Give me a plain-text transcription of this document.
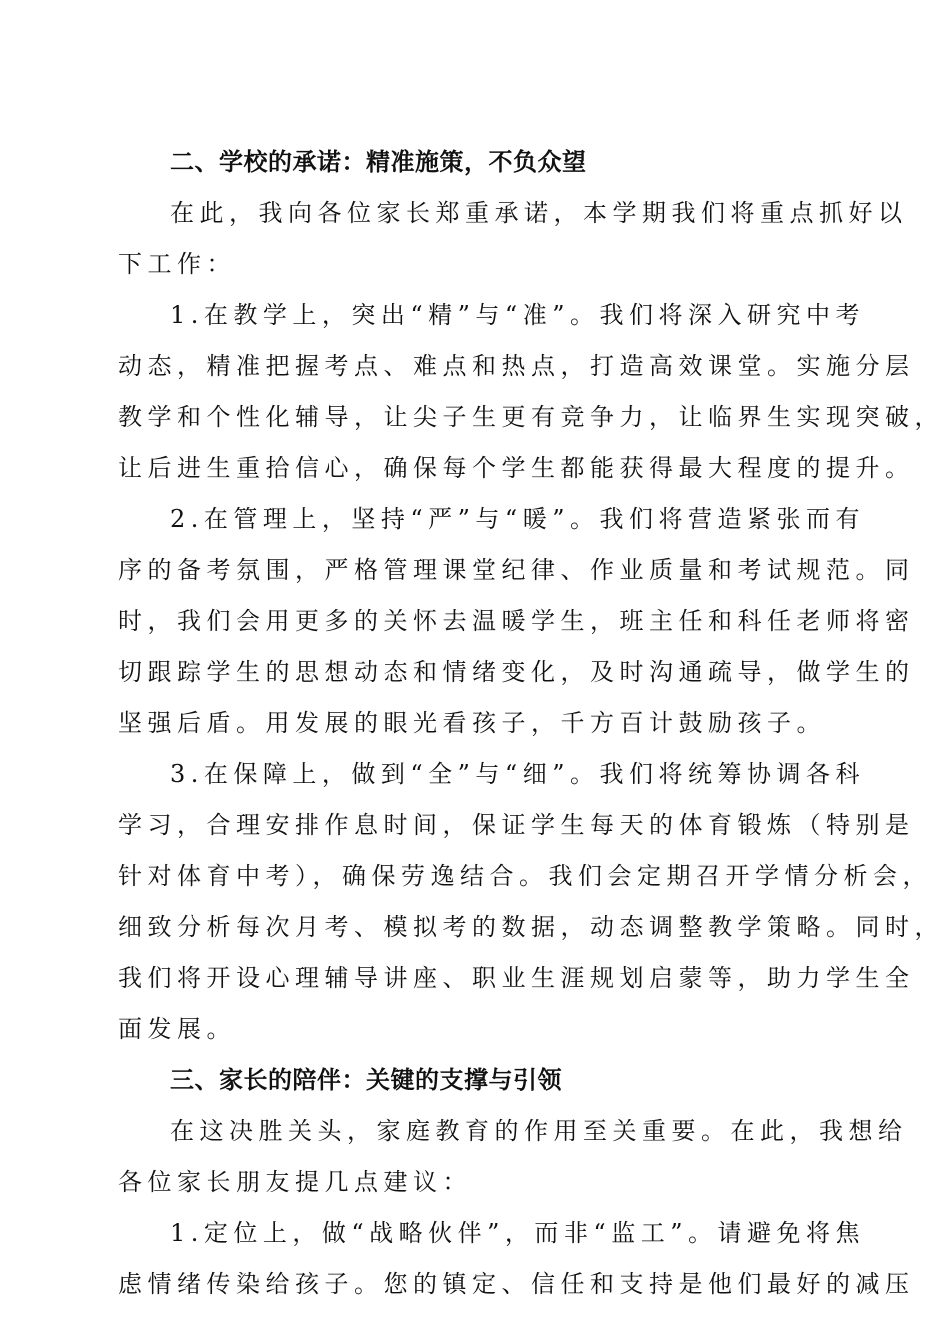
二、学校的承诺：精准施策，不负众望
在此，我向各位家长郑重承诺，本学期我们将重点抓好以
下工作：
1.在教学上，突出“精”与“准”。我们将深入研究中考
动态，精准把握考点、难点和热点，打造高效课堂。实施分层
教学和个性化辅导，让尖子生更有竞争力，让临界生实现突破，
让后进生重拾信心，确保每个学生都能获得最大程度的提升。
2.在管理上，坚持“严”与“暖”。我们将营造紧张而有
序的备考氛围，严格管理课堂纪律、作业质量和考试规范。同
时，我们会用更多的关怀去温暖学生，班主任和科任老师将密
切跟踪学生的思想动态和情绪变化，及时沟通疏导，做学生的
坚强后盾。用发展的眼光看孩子，千方百计鼓励孩子。
3.在保障上，做到“全”与“细”。我们将统筹协调各科
学习，合理安排作息时间，保证学生每天的体育锻炼（特别是
针对体育中考），确保劳逸结合。我们会定期召开学情分析会，
细致分析每次月考、模拟考的数据，动态调整教学策略。同时，
我们将开设心理辅导讲座、职业生涯规划启蒙等，助力学生全
面发展。
三、家长的陪伴：关键的支撑与引领
在这决胜关头，家庭教育的作用至关重要。在此，我想给
各位家长朋友提几点建议：
1.定位上，做“战略伙伴”，而非“监工”。请避免将焦
虑情绪传染给孩子。您的镇定、信任和支持是他们最好的减压
